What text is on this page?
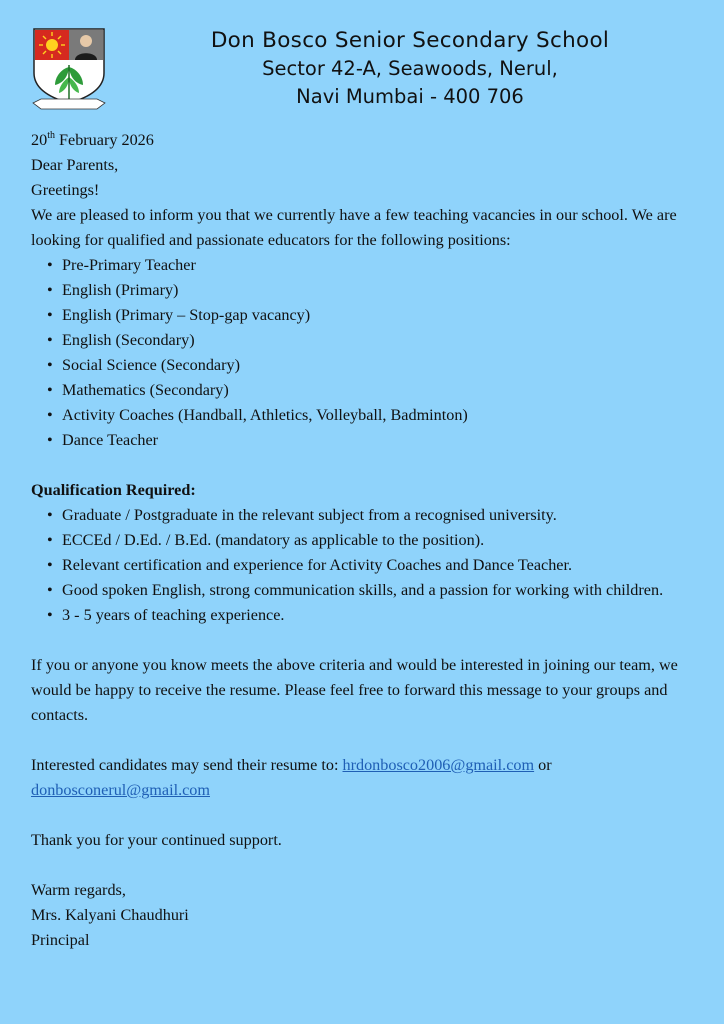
Don Bosco Senior Secondary School
Sector 42-A, Seawoods, Nerul,
Navi Mumbai - 400 706

20th February 2026

Dear Parents,

Greetings!

We are pleased to inform you that we currently have a few teaching vacancies in our school. We are looking for qualified and passionate educators for the following positions:

• Pre-Primary Teacher
• English (Primary)
• English (Primary – Stop-gap vacancy)
• English (Secondary)
• Social Science (Secondary)
• Mathematics (Secondary)
• Activity Coaches (Handball, Athletics, Volleyball, Badminton)
• Dance Teacher

Qualification Required:

• Graduate / Postgraduate in the relevant subject from a recognised university.
• ECCEd / D.Ed. / B.Ed. (mandatory as applicable to the position).
• Relevant certification and experience for Activity Coaches and Dance Teacher.
• Good spoken English, strong communication skills, and a passion for working with children.
• 3 - 5 years of teaching experience.

If you or anyone you know meets the above criteria and would be interested in joining our team, we would be happy to receive the resume. Please feel free to forward this message to your groups and contacts.

Interested candidates may send their resume to: hrdonbosco2006@gmail.com or
donbosconerul@gmail.com

Thank you for your continued support.

Warm regards,

Mrs. Kalyani Chaudhuri

Principal
